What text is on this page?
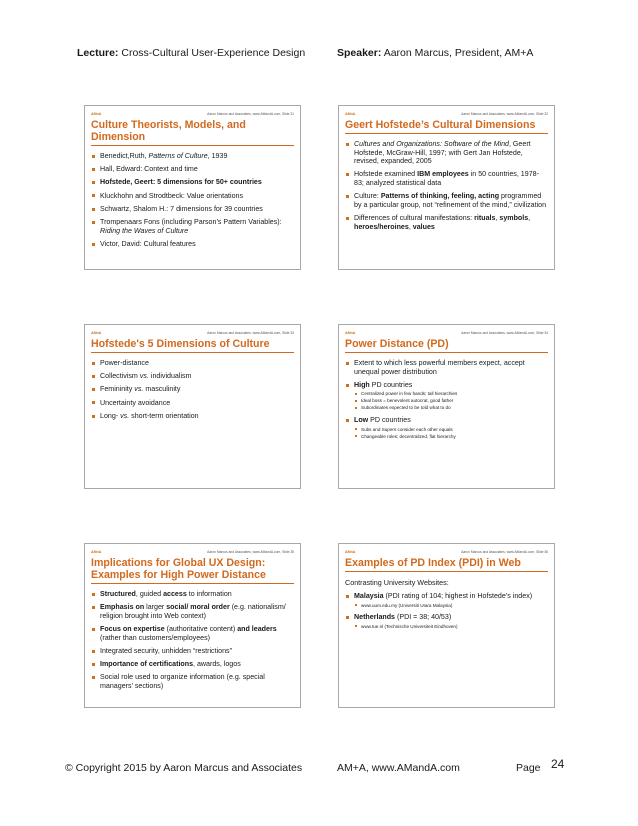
Lecture: Cross-Cultural User-Experience Design	Speaker: Aaron Marcus, President, AM+A
AMnA	Aaron Marcus and Associates, www.AMandA.com, Slide 31
Culture Theorists, Models, and Dimension
Benedict,Ruth, Patterns of Culture, 1939
Hall, Edward: Context and time
Hofstede, Geert: 5 dimensions for 50+ countries
Kluckhohn and Strodtbeck: Value orientations
Schwartz, Shalom H.: 7 dimensions for 39 countries
Trompenaars Fons (including Parson’s Pattern Variables): Riding the Waves of Culture
Victor, David: Cultural features
AMnA	Aaron Marcus and Associates, www.AMandA.com, Slide 32
Geert Hofstede’s Cultural Dimensions
Cultures and Organizations: Software of the Mind, Geert Hofstede, McGraw-Hill, 1997; with Gert Jan Hofstede, revised, expanded, 2005
Hofstede examined IBM employees in 50 countries, 1978-83; analyzed statistical data
Culture: Patterns of thinking, feeling, acting programmed by a particular group, not “refinement of the mind,” civilization
Differences of cultural manifestations: rituals, symbols, heroes/heroines, values
AMnA	Aaron Marcus and Associates, www.AMandA.com, Slide 33
Hofstede's 5 Dimensions of Culture
Power-distance
Collectivism vs. individualism
Femininity vs. masculinity
Uncertainty avoidance
Long- vs. short-term orientation
AMnA	Aaron Marcus and Associates, www.AMandA.com, Slide 34
Power Distance (PD)
Extent to which less powerful members expect, accept unequal power distribution
High PD countries
Centralized power in few hands; tall hierarchies
Ideal boss = benevolent autocrat, good father
Subordinates expected to be told what to do
Low PD countries
Subs and Supers consider each other equals
Changeable roles; decentralized, flat hierarchy
AMnA	Aaron Marcus and Associates, www.AMandA.com, Slide 35
Implications for Global UX Design: Examples for High Power Distance
Structured, guided access to information
Emphasis on larger social/ moral order (e.g. nationalism/ religion brought into Web context)
Focus on expertise (authoritative content) and leaders (rather than customers/employees)
Integrated security, unhidden “restrictions”
Importance of certifications, awards, logos
Social role used to organize information (e.g. special managers’ sections)
AMnA	Aaron Marcus and Associates, www.AMandA.com, Slide 36
Examples of PD Index (PDI) in Web
Contrasting University Websites:
Malaysia (PDI rating of 104; highest in Hofstede’s index)
www.uum.edu.my (Universiti Utara Malaysia)
Netherlands (PDI = 38; 40/53)
www.tue.nl (Technische Universiteit Eindhoven)
© Copyright 2015 by Aaron Marcus and Associates	AM+A, www.AMandA.com	Page 24
